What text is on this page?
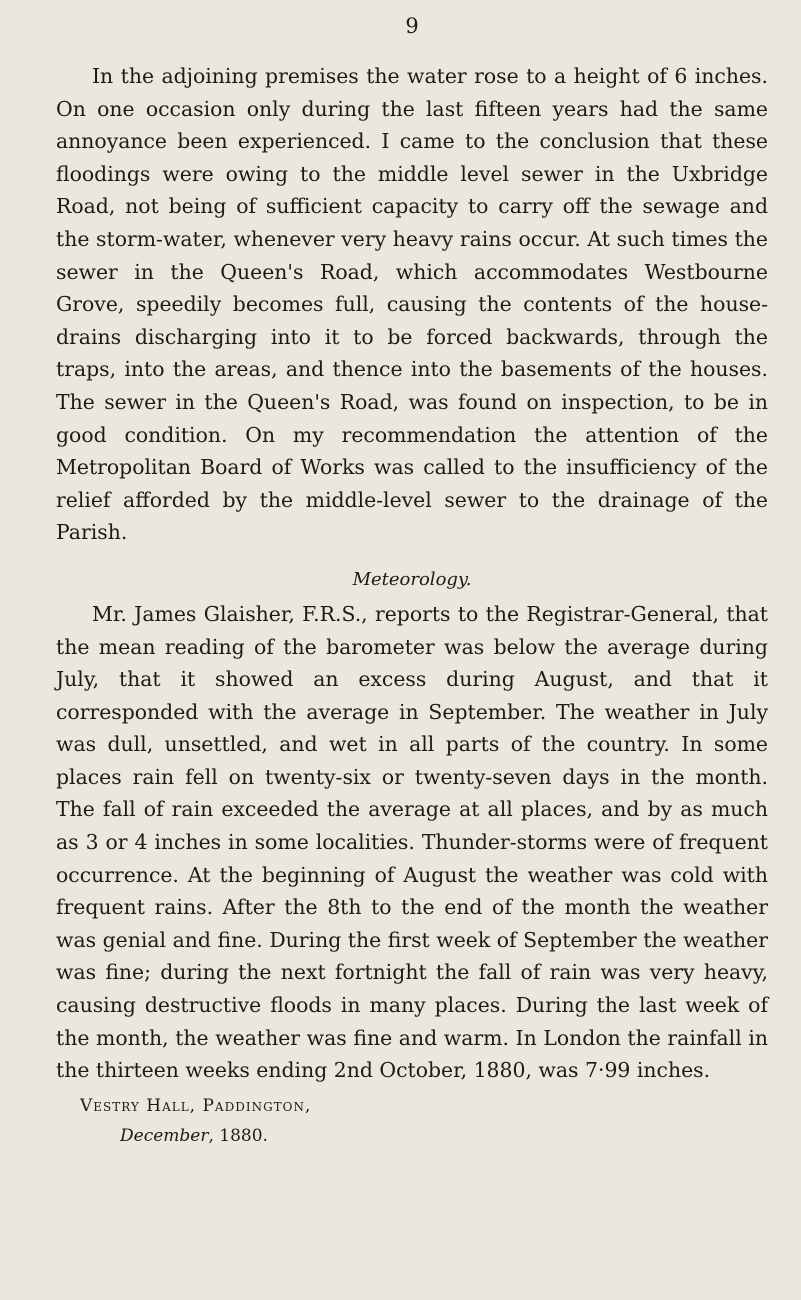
9

In the adjoining premises the water rose to a height of 6 inches. On one occasion only during the last fifteen years had the same annoyance been experienced. I came to the conclusion that these floodings were owing to the middle level sewer in the Uxbridge Road, not being of sufficient capacity to carry off the sewage and the storm-water, whenever very heavy rains occur. At such times the sewer in the Queen's Road, which accommodates Westbourne Grove, speedily becomes full, causing the contents of the house-drains discharging into it to be forced backwards, through the traps, into the areas, and thence into the basements of the houses. The sewer in the Queen's Road, was found on inspection, to be in good condition. On my recommendation the attention of the Metropolitan Board of Works was called to the insufficiency of the relief afforded by the middle-level sewer to the drainage of the Parish.

Meteorology.

Mr. James Glaisher, F.R.S., reports to the Registrar-General, that the mean reading of the barometer was below the average during July, that it showed an excess during August, and that it corresponded with the average in September. The weather in July was dull, unsettled, and wet in all parts of the country. In some places rain fell on twenty-six or twenty-seven days in the month. The fall of rain exceeded the average at all places, and by as much as 3 or 4 inches in some localities. Thunder-storms were of frequent occurrence. At the beginning of August the weather was cold with frequent rains. After the 8th to the end of the month the weather was genial and fine. During the first week of September the weather was fine; during the next fortnight the fall of rain was very heavy, causing destructive floods in many places. During the last week of the month, the weather was fine and warm. In London the rainfall in the thirteen weeks ending 2nd October, 1880, was 7·99 inches.

Vestry Hall, Paddington,
December, 1880.
